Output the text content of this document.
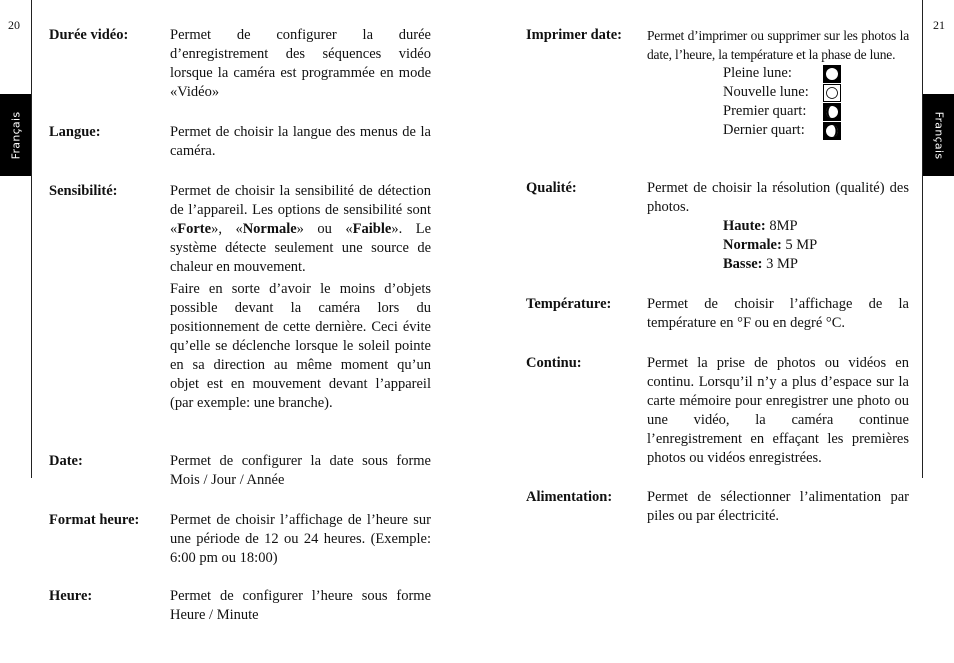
20	21
Français	Français
Durée vidéo:	Permet de configurer la durée d’enregistrement des séquences vidéo lorsque la caméra est programmée en mode «Vidéo»

Langue:	Permet de choisir la langue des menus de la caméra.

Sensibilité:	Permet de choisir la sensibilité de détection de l’appareil. Les options de sensibilité sont «Forte», «Normale» ou «Faible». Le système détecte seulement une source de chaleur en mouvement.

Faire en sorte d’avoir le moins d’objets possible devant la caméra lors du positionnement de cette dernière. Ceci évite qu’elle se déclenche lorsque le soleil pointe en sa direction au même moment qu’un objet est en mouvement devant l’appareil (par exemple: une branche).

Date:	Permet de configurer la date sous forme Mois / Jour / Année

Format heure: Permet de choisir l’affichage de l’heure sur une période de 12 ou 24 heures. (Exemple: 6:00 pm ou 18:00)

Heure:	Permet de configurer l’heure sous forme Heure / Minute

Imprimer date: Permet d’imprimer ou supprimer sur les photos la date, l’heure, la température et la phase de lune.

Pleine lune:
Nouvelle lune:
Premier quart:
Dernier quart:
Qualité:	Permet de choisir la résolution (qualité) des photos.

Haute: 8MP
Normale: 5 MP
Basse: 3 MP
Température: Permet de choisir l’affichage de la température en °F ou en degré °C.

Continu:	Permet la prise de photos ou vidéos en continu. Lorsqu’il n’y a plus d’espace sur la carte mémoire pour enregistrer une photo ou une vidéo, la caméra continue l’enregistrement en effaçant les premières photos ou vidéos enregistrées.

Alimentation: Permet de sélectionner l’alimentation par piles ou par électricité.
